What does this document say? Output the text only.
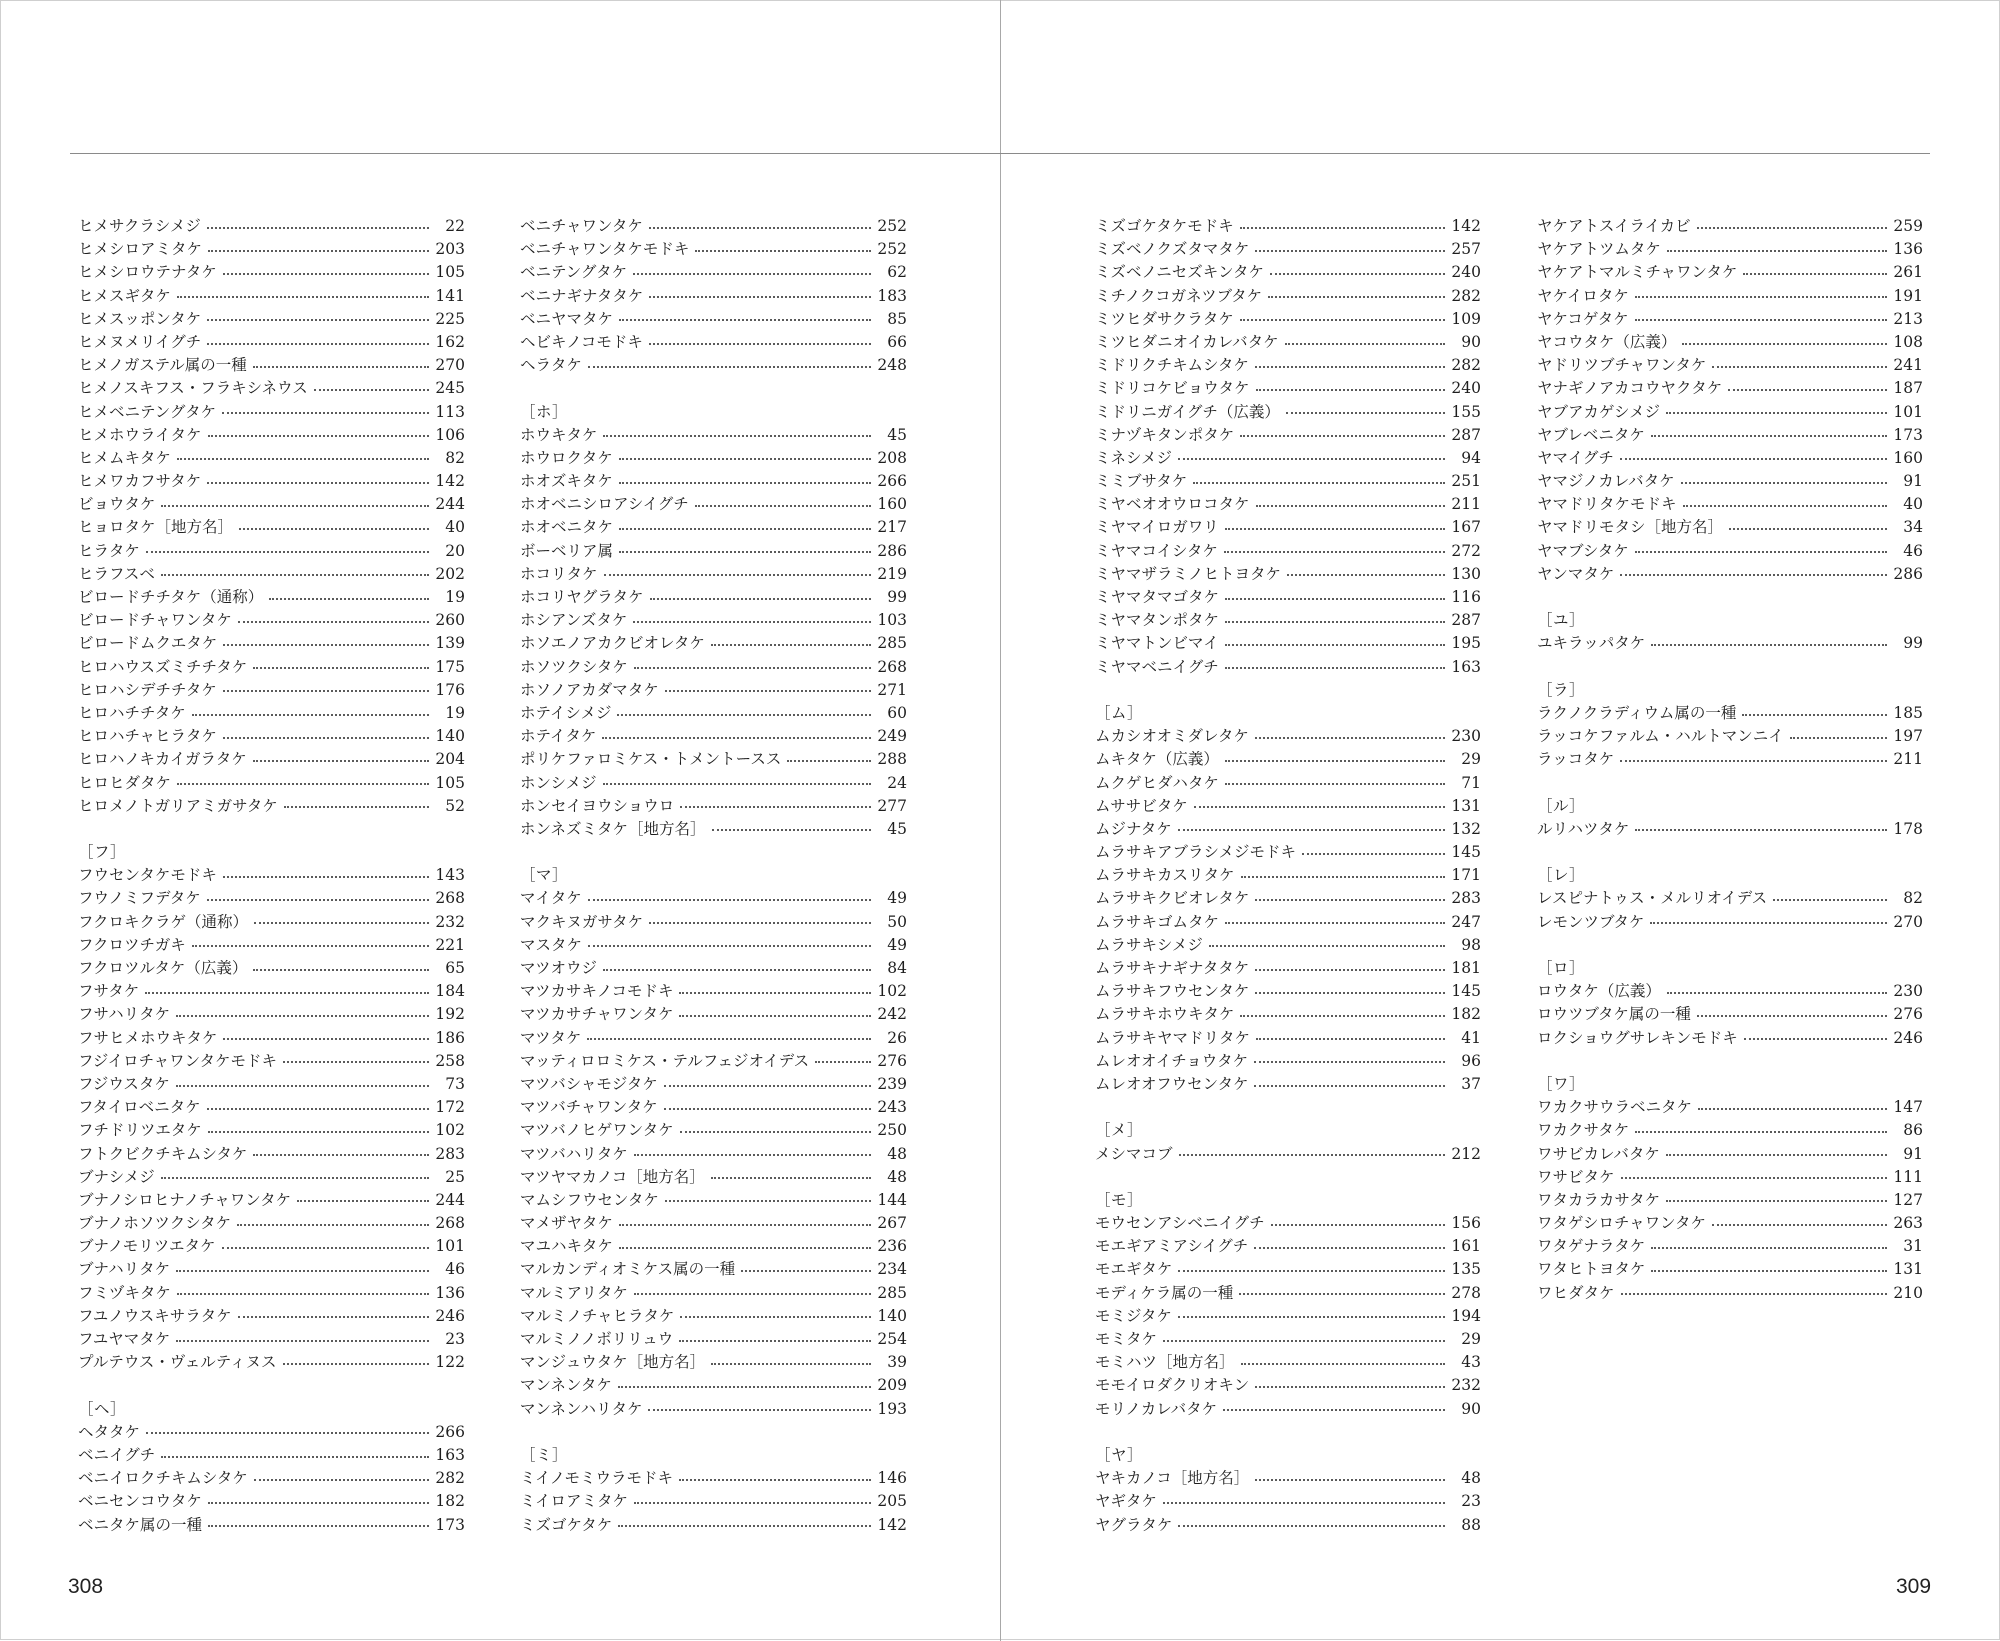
ヒメサクラシメジ	22
ヒメシロアミタケ	203
ヒメシロウテナタケ	105
ヒメスギタケ	141
ヒメスッポンタケ	225
ヒメヌメリイグチ	162
ヒメノガステル属の一種	270
ヒメノスキフス・フラキシネウス	245
ヒメベニテングタケ	113
ヒメホウライタケ	106
ヒメムキタケ	82
ヒメワカフサタケ	142
ビョウタケ	244
ヒョロタケ［地方名］	40
ヒラタケ	20
ヒラフスベ	202
ビロードチチタケ（通称）	19
ビロードチャワンタケ	260
ビロードムクエタケ	139
ヒロハウスズミチチタケ	175
ヒロハシデチチタケ	176
ヒロハチチタケ	19
ヒロハチャヒラタケ	140
ヒロハノキカイガラタケ	204
ヒロヒダタケ	105
ヒロメノトガリアミガサタケ	52
［フ］
フウセンタケモドキ	143
フウノミフデタケ	268
フクロキクラゲ（通称）	232
フクロツチガキ	221
フクロツルタケ（広義）	65
フサタケ	184
フサハリタケ	192
フサヒメホウキタケ	186
フジイロチャワンタケモドキ	258
フジウスタケ	73
フタイロベニタケ	172
フチドリツエタケ	102
フトクビクチキムシタケ	283
ブナシメジ	25
ブナノシロヒナノチャワンタケ	244
ブナノホソツクシタケ	268
ブナノモリツエタケ	101
ブナハリタケ	46
フミヅキタケ	136
フユノウスキサラタケ	246
フユヤマタケ	23
プルテウス・ヴェルティヌス	122
［ヘ］
ヘタタケ	266
ベニイグチ	163
ベニイロクチキムシタケ	282
ベニセンコウタケ	182
ベニタケ属の一種	173
ベニチャワンタケ	252
ベニチャワンタケモドキ	252
ベニテングタケ	62
ベニナギナタタケ	183
ベニヤマタケ	85
ヘビキノコモドキ	66
ヘラタケ	248
［ホ］
ホウキタケ	45
ホウロクタケ	208
ホオズキタケ	266
ホオベニシロアシイグチ	160
ホオベニタケ	217
ボーベリア属	286
ホコリタケ	219
ホコリヤグラタケ	99
ホシアンズタケ	103
ホソエノアカクビオレタケ	285
ホソツクシタケ	268
ホソノアカダマタケ	271
ホテイシメジ	60
ホテイタケ	249
ポリケファロミケス・トメントースス	288
ホンシメジ	24
ホンセイヨウショウロ	277
ホンネズミタケ［地方名］	45
［マ］
マイタケ	49
マクキヌガサタケ	50
マスタケ	49
マツオウジ	84
マツカサキノコモドキ	102
マツカサチャワンタケ	242
マツタケ	26
マッティロロミケス・テルフェジオイデス	276
マツバシャモジタケ	239
マツバチャワンタケ	243
マツバノヒゲワンタケ	250
マツバハリタケ	48
マツヤマカノコ［地方名］	48
マムシフウセンタケ	144
マメザヤタケ	267
マユハキタケ	236
マルカンディオミケス属の一種	234
マルミアリタケ	285
マルミノチャヒラタケ	140
マルミノノボリリュウ	254
マンジュウタケ［地方名］	39
マンネンタケ	209
マンネンハリタケ	193
［ミ］
ミイノモミウラモドキ	146
ミイロアミタケ	205
ミズゴケタケ	142
ミズゴケタケモドキ	142
ミズベノクズタマタケ	257
ミズベノニセズキンタケ	240
ミチノクコガネツブタケ	282
ミツヒダサクラタケ	109
ミツヒダニオイカレバタケ	90
ミドリクチキムシタケ	282
ミドリコケビョウタケ	240
ミドリニガイグチ（広義）	155
ミナヅキタンポタケ	287
ミネシメジ	94
ミミブサタケ	251
ミヤベオオウロコタケ	211
ミヤマイロガワリ	167
ミヤマコイシタケ	272
ミヤマザラミノヒトヨタケ	130
ミヤマタマゴタケ	116
ミヤマタンポタケ	287
ミヤマトンビマイ	195
ミヤマベニイグチ	163
［ム］
ムカシオオミダレタケ	230
ムキタケ（広義）	29
ムクゲヒダハタケ	71
ムササビタケ	131
ムジナタケ	132
ムラサキアブラシメジモドキ	145
ムラサキカスリタケ	171
ムラサキクビオレタケ	283
ムラサキゴムタケ	247
ムラサキシメジ	98
ムラサキナギナタタケ	181
ムラサキフウセンタケ	145
ムラサキホウキタケ	182
ムラサキヤマドリタケ	41
ムレオオイチョウタケ	96
ムレオオフウセンタケ	37
［メ］
メシマコブ	212
［モ］
モウセンアシベニイグチ	156
モエギアミアシイグチ	161
モエギタケ	135
モディケラ属の一種	278
モミジタケ	194
モミタケ	29
モミハツ［地方名］	43
モモイロダクリオキン	232
モリノカレバタケ	90
［ヤ］
ヤキカノコ［地方名］	48
ヤギタケ	23
ヤグラタケ	88
ヤケアトスイライカビ	259
ヤケアトツムタケ	136
ヤケアトマルミチャワンタケ	261
ヤケイロタケ	191
ヤケコゲタケ	213
ヤコウタケ（広義）	108
ヤドリツブチャワンタケ	241
ヤナギノアカコウヤクタケ	187
ヤブアカゲシメジ	101
ヤブレベニタケ	173
ヤマイグチ	160
ヤマジノカレバタケ	91
ヤマドリタケモドキ	40
ヤマドリモタシ［地方名］	34
ヤマブシタケ	46
ヤンマタケ	286
［ユ］
ユキラッパタケ	99
［ラ］
ラクノクラディウム属の一種	185
ラッコケファルム・ハルトマンニイ	197
ラッコタケ	211
［ル］
ルリハツタケ	178
［レ］
レスピナトゥス・メルリオイデス	82
レモンツブタケ	270
［ロ］
ロウタケ（広義）	230
ロウツブタケ属の一種	276
ロクショウグサレキンモドキ	246
［ワ］
ワカクサウラベニタケ	147
ワカクサタケ	86
ワサビカレバタケ	91
ワサビタケ	111
ワタカラカサタケ	127
ワタゲシロチャワンタケ	263
ワタゲナラタケ	31
ワタヒトヨタケ	131
ワヒダタケ	210
308	309
